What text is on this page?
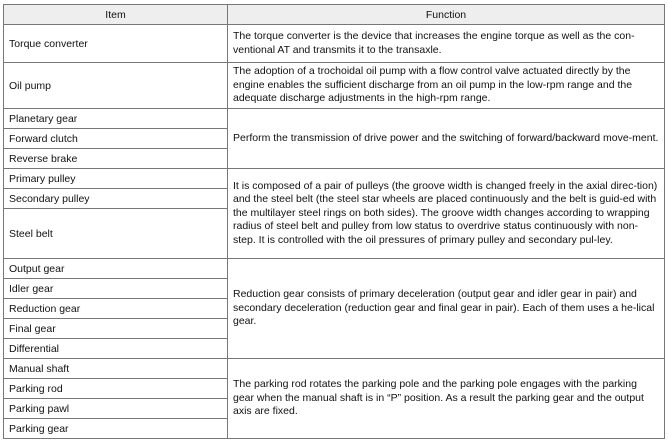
Item	Function
Torque converter	The torque converter is the device that increases the engine torque as well as the con-ventional AT and transmits it to the transaxle.
Oil pump	The adoption of a trochoidal oil pump with a flow control valve actuated directly by the engine enables the sufficient discharge from an oil pump in the low-rpm range and the adequate discharge adjustments in the high-rpm range.
Planetary gear	Perform the transmission of drive power and the switching of forward/backward move-ment.
Forward clutch	
Reverse brake	
Primary pulley	It is composed of a pair of pulleys (the groove width is changed freely in the axial direc-tion) and the steel belt (the steel star wheels are placed continuously and the belt is guid-ed with the multilayer steel rings on both sides). The groove width changes according to wrapping radius of steel belt and pulley from low status to overdrive status continuously with non-step. It is controlled with the oil pressures of primary pulley and secondary pul-ley.
Secondary pulley	
Steel belt	
Output gear	Reduction gear consists of primary deceleration (output gear and idler gear in pair) and secondary deceleration (reduction gear and final gear in pair). Each of them uses a he-lical gear.
Idler gear	
Reduction gear	
Final gear	
Differential	
Manual shaft	The parking rod rotates the parking pole and the parking pole engages with the parking gear when the manual shaft is in “P” position. As a result the parking gear and the output axis are fixed.
Parking rod	
Parking pawl	
Parking gear	
